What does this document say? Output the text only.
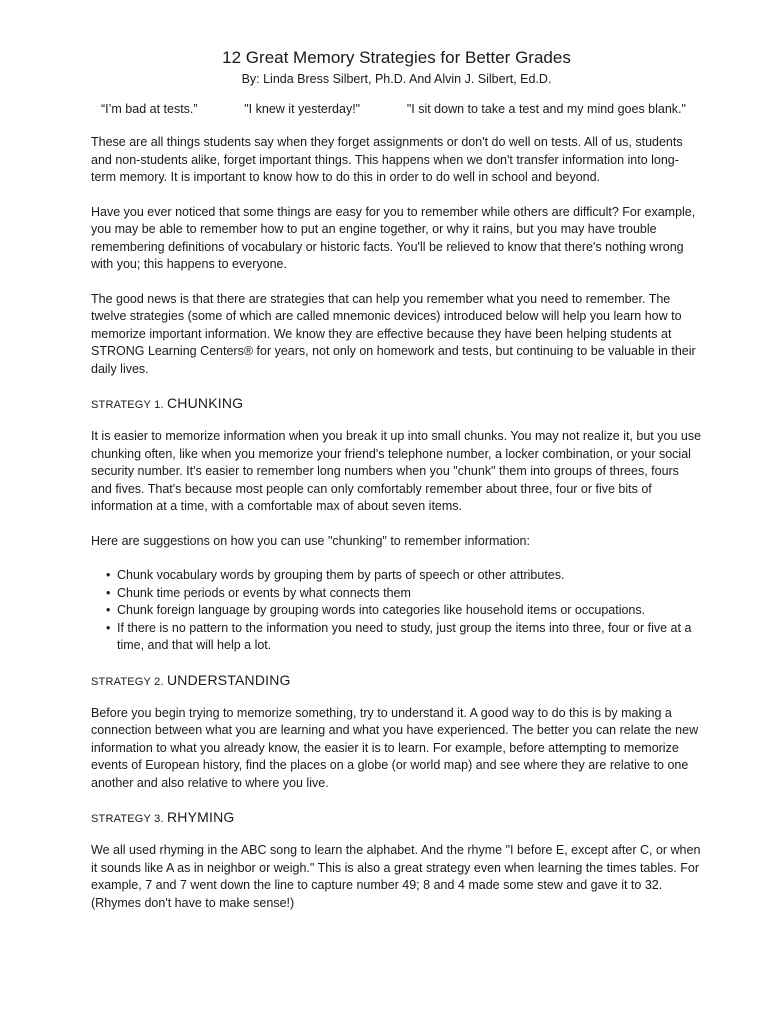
12 Great Memory Strategies for Better Grades
By: Linda Bress Silbert, Ph.D. And Alvin J. Silbert, Ed.D.
“I’m bad at tests.”	"I knew it yesterday!"	"I sit down to take a test and my mind goes blank."

These are all things students say when they forget assignments or don't do well on tests. All of us, students and non-students alike, forget important things. This happens when we don't transfer information into long-term memory. It is important to know how to do this in order to do well in school and beyond.

Have you ever noticed that some things are easy for you to remember while others are difficult? For example, you may be able to remember how to put an engine together, or why it rains, but you may have trouble remembering definitions of vocabulary or historic facts. You'll be relieved to know that there's nothing wrong with you; this happens to everyone.

The good news is that there are strategies that can help you remember what you need to remember. The twelve strategies (some of which are called mnemonic devices) introduced below will help you learn how to memorize important information. We know they are effective because they have been helping students at STRONG Learning Centers® for years, not only on homework and tests, but continuing to be valuable in their daily lives.

STRATEGY 1. CHUNKING

It is easier to memorize information when you break it up into small chunks. You may not realize it, but you use chunking often, like when you memorize your friend's telephone number, a locker combination, or your social security number. It's easier to remember long numbers when you "chunk" them into groups of threes, fours and fives. That's because most people can only comfortably remember about three, four or five bits of information at a time, with a comfortable max of about seven items.

Here are suggestions on how you can use "chunking" to remember information:

• Chunk vocabulary words by grouping them by parts of speech or other attributes.
• Chunk time periods or events by what connects them
• Chunk foreign language by grouping words into categories like household items or occupations.
• If there is no pattern to the information you need to study, just group the items into three, four or five at a time, and that will help a lot.
STRATEGY 2. UNDERSTANDING

Before you begin trying to memorize something, try to understand it. A good way to do this is by making a connection between what you are learning and what you have experienced. The better you can relate the new information to what you already know, the easier it is to learn. For example, before attempting to memorize events of European history, find the places on a globe (or world map) and see where they are relative to one another and also relative to where you live.

STRATEGY 3. RHYMING

We all used rhyming in the ABC song to learn the alphabet. And the rhyme "I before E, except after C, or when it sounds like A as in neighbor or weigh." This is also a great strategy even when learning the times tables. For example, 7 and 7 went down the line to capture number 49; 8 and 4 made some stew and gave it to 32. (Rhymes don't have to make sense!)
